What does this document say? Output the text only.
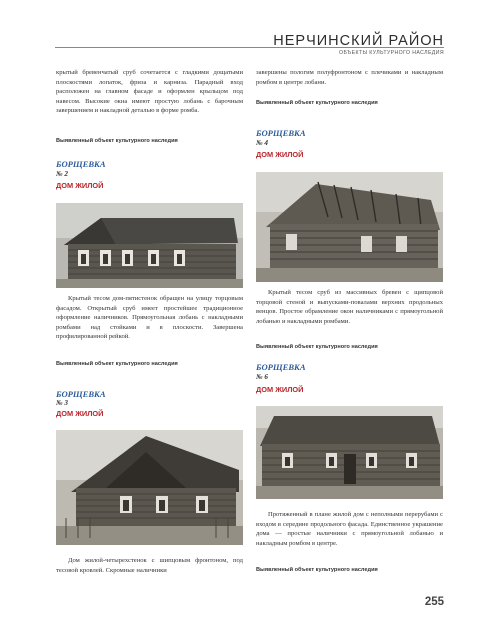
НЕРЧИНСКИЙ РАЙОН
ОБЪЕКТЫ КУЛЬТУРНОГО НАСЛЕДИЯ

крытый бревенчатый сруб сочетается с гладкими дощатыми плоскостями лопаток, фриза и карниза. Парадный вход расположен на главном фасаде и оформлен крыльцом под навесом. Высокие окна имеют простую лобань с барочным завершением и накладной деталью в форме ромба.

Выявленный объект культурного наследия
БОРЩЕВКА
№ 2
ДОМ ЖИЛОЙ

Крытый тесом дом-пятистенок обращен на улицу торцовым фасадом. Открытый сруб имеет простейшее традиционное оформление наличников. Прямоугольная лобань с накладными ромбами над стойками и в плоскости. Завершена профилированной рейкой.

Выявленный объект культурного наследия
БОРЩЕВКА
№ 3
ДОМ ЖИЛОЙ

Дом жилой-четырехстенок с шипцовым фронтоном, под тесовой кровлей. Скромные наличники

завершены пологим полуфронтоном с плечиками и накладным ромбом в центре лобани.

Выявленный объект культурного наследия
БОРЩЕВКА
№ 4
ДОМ ЖИЛОЙ

Крытый тесом сруб из массивных бревен с щипцовой торцовой стеной и выпусками-повалами верхних продольных венцов. Простое обрамление окон наличниками с прямоугольной лобанью и накладными ромбами.

Выявленный объект культурного наследия
БОРЩЕВКА
№ 6
ДОМ ЖИЛОЙ

Протяженный в плане жилой дом с неполными перерубами с входом в середине продольного фасада. Единственное украшение дома — простые наличники с прямоугольной лобанью и накладным ромбом в центре.

Выявленный объект культурного наследия
255
